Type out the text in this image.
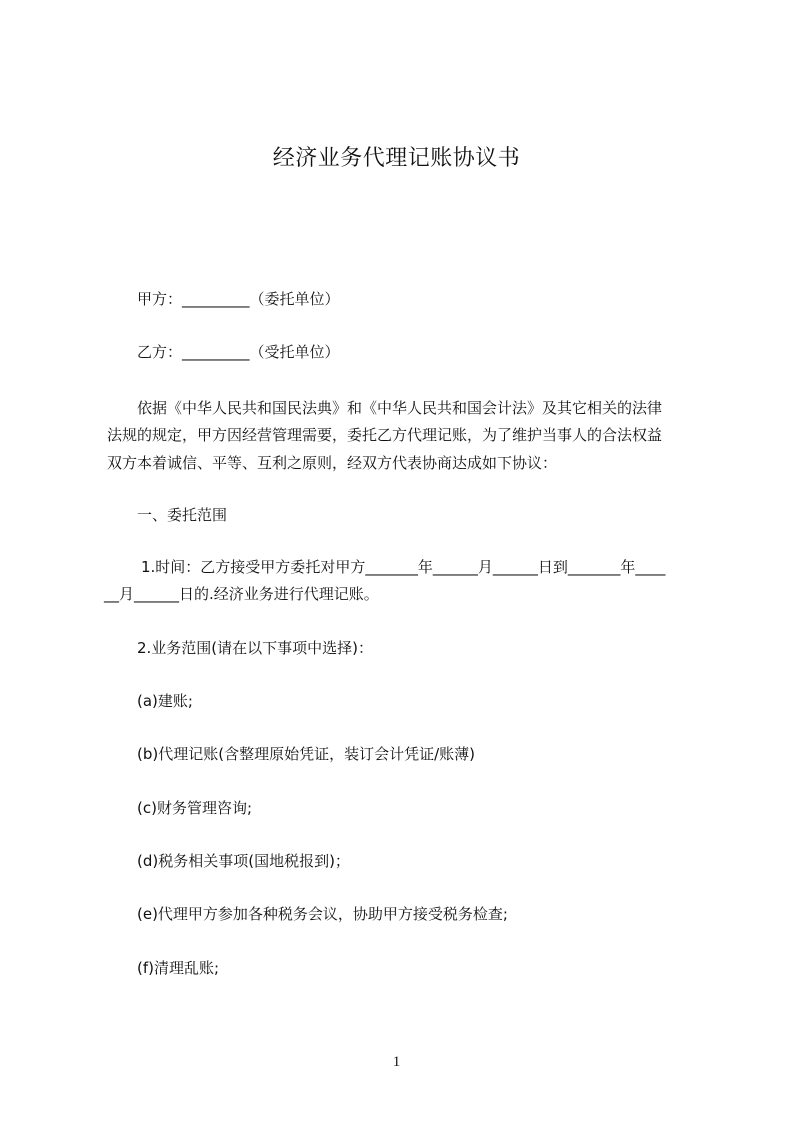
经济业务代理记账协议书

甲方：_________（委托单位）

乙方：_________（受托单位）

依据《中华人民共和国民法典》和《中华人民共和国会计法》及其它相关的法律

法规的规定，甲方因经营管理需要，委托乙方代理记账，为了维护当事人的合法权益

双方本着诚信、平等、互利之原则，经双方代表协商达成如下协议：

一、委托范围

1.时间：乙方接受甲方委托对甲方_______年______月______日到_______年____

__月______日的.经济业务进行代理记账。

2.业务范围(请在以下事项中选择)：

(a)建账;

(b)代理记账(含整理原始凭证，装订会计凭证/账薄)

(c)财务管理咨询;

(d)税务相关事项(国地税报到)；

(e)代理甲方参加各种税务会议，协助甲方接受税务检查;

(f)清理乱账;

1
